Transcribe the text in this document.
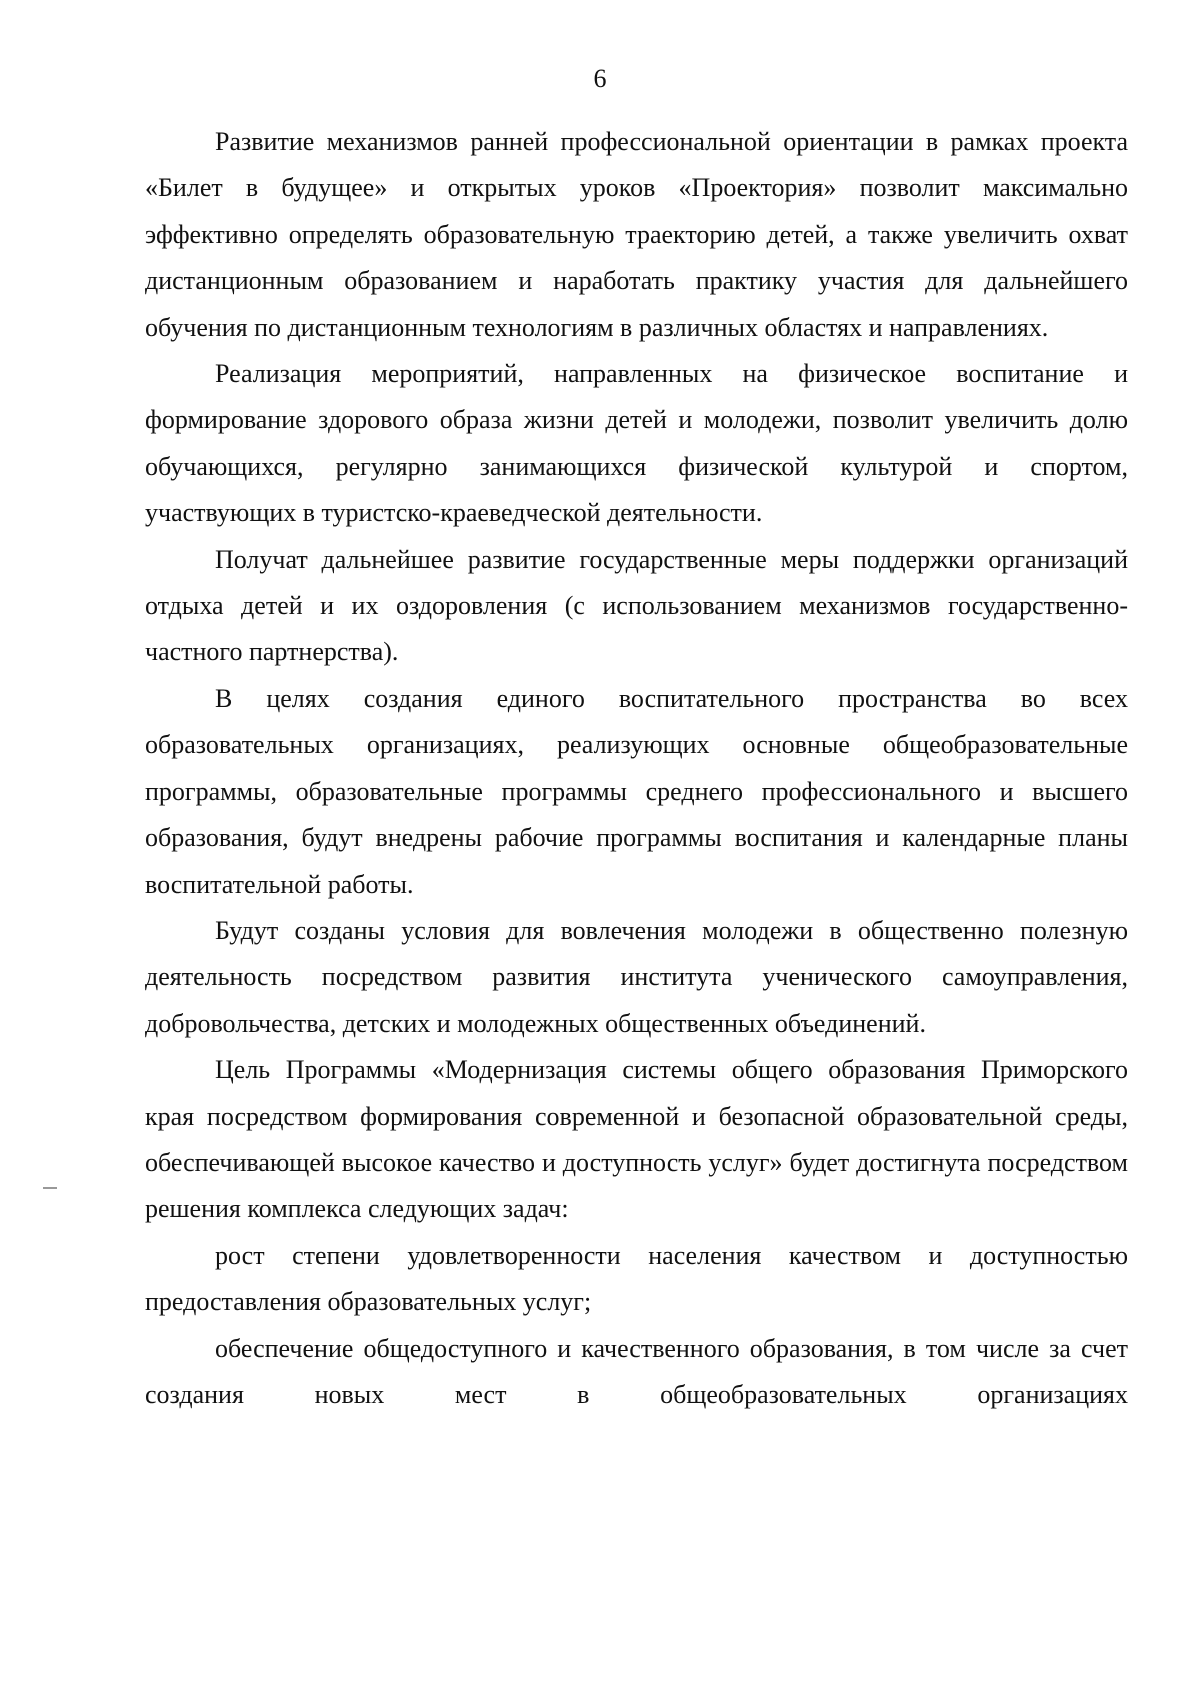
6

Развитие механизмов ранней профессиональной ориентации в рамках проекта «Билет в будущее» и открытых уроков «Проектория» позволит максимально эффективно определять образовательную траекторию детей, а также увеличить охват дистанционным образованием и наработать практику участия для дальнейшего обучения по дистанционным технологиям в различных областях и направлениях.

Реализация мероприятий, направленных на физическое воспитание и формирование здорового образа жизни детей и молодежи, позволит увеличить долю обучающихся, регулярно занимающихся физической культурой и спортом, участвующих в туристско-краеведческой деятельности.

Получат дальнейшее развитие государственные меры поддержки организаций отдыха детей и их оздоровления (с использованием механизмов государственно-частного партнерства).

В целях создания единого воспитательного пространства во всех образовательных организациях, реализующих основные общеобразовательные программы, образовательные программы среднего профессионального и высшего образования, будут внедрены рабочие программы воспитания и календарные планы воспитательной работы.

Будут созданы условия для вовлечения молодежи в общественно полезную деятельность посредством развития института ученического самоуправления, добровольчества, детских и молодежных общественных объединений.

Цель Программы «Модернизация системы общего образования Приморского края посредством формирования современной и безопасной образовательной среды, обеспечивающей высокое качество и доступность услуг» будет достигнута посредством решения комплекса следующих задач:

рост степени удовлетворенности населения качеством и доступностью предоставления образовательных услуг;

обеспечение общедоступного и качественного образования, в том числе за счет создания новых мест в общеобразовательных организациях
